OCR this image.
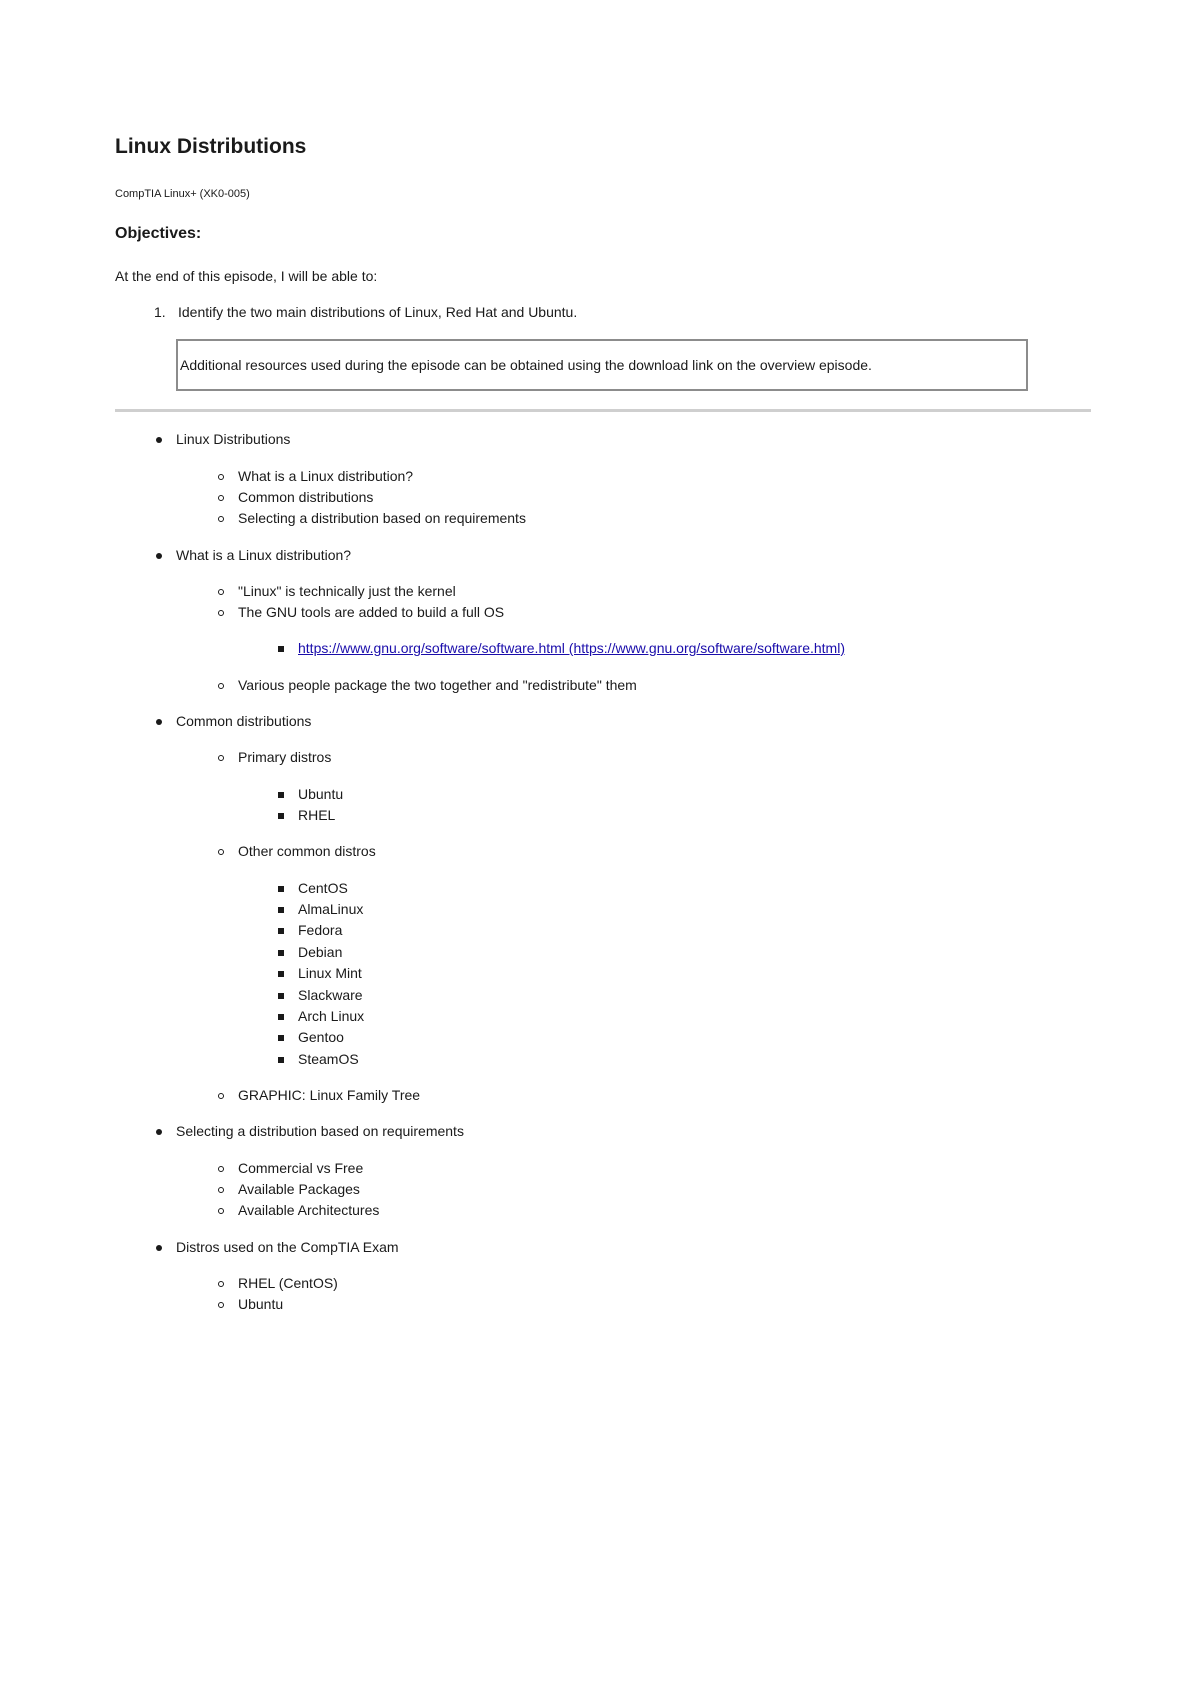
Linux Distributions
CompTIA Linux+ (XK0-005)
Objectives:
At the end of this episode, I will be able to:
1. Identify the two main distributions of Linux, Red Hat and Ubuntu.
Additional resources used during the episode can be obtained using the download link on the overview episode.
Linux Distributions
What is a Linux distribution?
Common distributions
Selecting a distribution based on requirements
What is a Linux distribution?
"Linux" is technically just the kernel
The GNU tools are added to build a full OS
https://www.gnu.org/software/software.html (https://www.gnu.org/software/software.html)
Various people package the two together and "redistribute" them
Common distributions
Primary distros
Ubuntu
RHEL
Other common distros
CentOS
AlmaLinux
Fedora
Debian
Linux Mint
Slackware
Arch Linux
Gentoo
SteamOS
GRAPHIC: Linux Family Tree
Selecting a distribution based on requirements
Commercial vs Free
Available Packages
Available Architectures
Distros used on the CompTIA Exam
RHEL (CentOS)
Ubuntu
